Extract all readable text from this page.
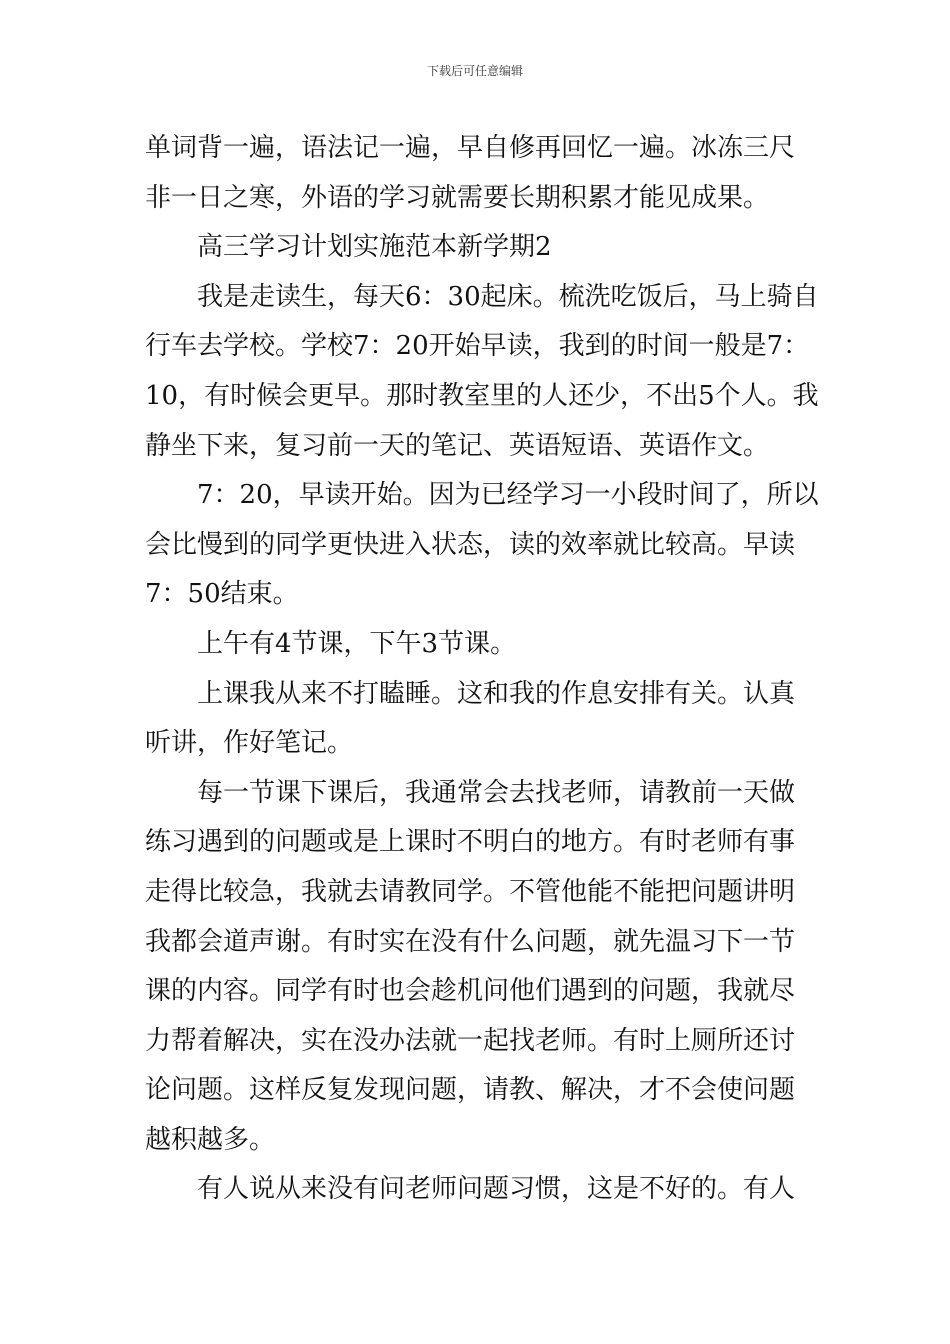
下载后可任意编辑
单词背一遍，语法记一遍，早自修再回忆一遍。冰冻三尺
非一日之寒，外语的学习就需要长期积累才能见成果。
高三学习计划实施范本新学期2
我是走读生，每天6：30起床。梳洗吃饭后，马上骑自
行车去学校。学校7：20开始早读，我到的时间一般是7：
10，有时候会更早。那时教室里的人还少，不出5个人。我
静坐下来，复习前一天的笔记、英语短语、英语作文。
7：20，早读开始。因为已经学习一小段时间了，所以
会比慢到的同学更快进入状态，读的效率就比较高。早读
7：50结束。
上午有4节课，下午3节课。
上课我从来不打瞌睡。这和我的作息安排有关。认真
听讲，作好笔记。
每一节课下课后，我通常会去找老师，请教前一天做
练习遇到的问题或是上课时不明白的地方。有时老师有事
走得比较急，我就去请教同学。不管他能不能把问题讲明
我都会道声谢。有时实在没有什么问题，就先温习下一节
课的内容。同学有时也会趁机问他们遇到的问题，我就尽
力帮着解决，实在没办法就一起找老师。有时上厕所还讨
论问题。这样反复发现问题，请教、解决，才不会使问题
越积越多。
有人说从来没有问老师问题习惯，这是不好的。有人
